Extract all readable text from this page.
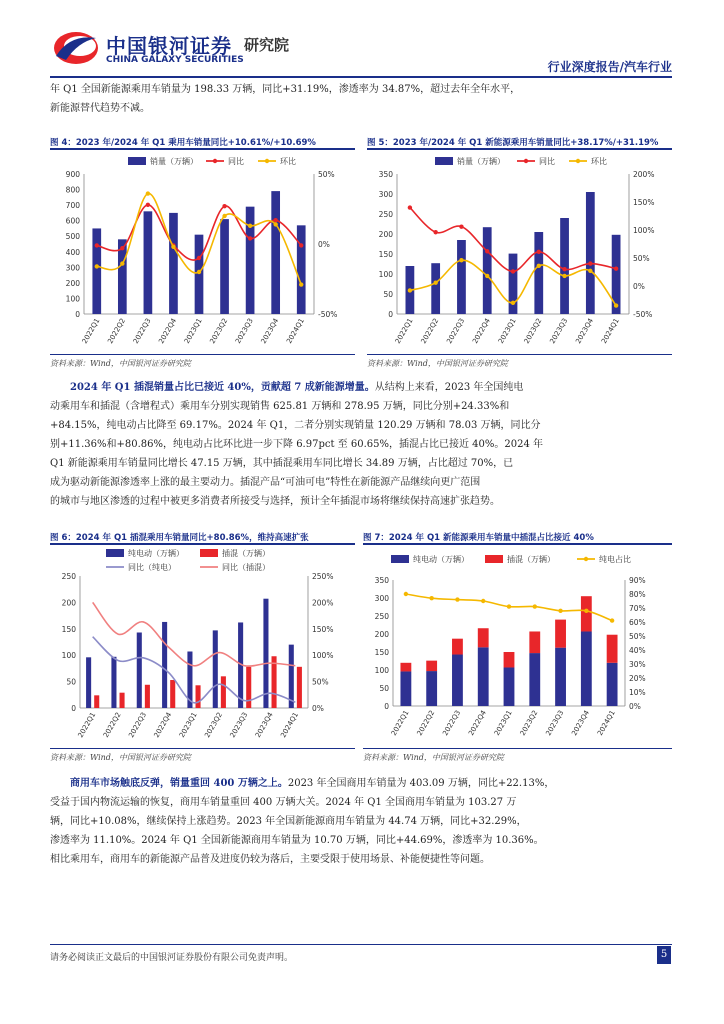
中国银河证券 研究院
CHINA GALAXY SECURITIES	行业深度报告/汽车行业

年 Q1 全国新能源乘用车销量为 198.33 万辆，同比+31.19%，渗透率为 34.87%，超过去年全年水平，

新能源替代趋势不减。

图 4：2023 年/2024 年 Q1 乘用车销量同比+10.61%/+10.69%
0
100
200
300
400
500
600
700
800
900
-50%
0%
50%
2022Q1 2022Q2 2022Q3 2022Q4 2023Q1 2023Q2 2023Q3 2023Q4 2024Q1
销量（万辆）	同比	环比
资料来源：Wind，中国银河证券研究院
图 5：2023 年/2024 年 Q1 新能源乘用车销量同比+38.17%/+31.19%
0
50
100
150
200
250
300
350
-50%
0%
50%
100%
150%
200%
2022Q1 2022Q2 2022Q3 2022Q4 2023Q1 2023Q2 2023Q3 2023Q4 2024Q1
销量（万辆）	同比	环比
资料来源：Wind，中国银河证券研究院

2024 年 Q1 插混销量占比已接近 40%，贡献超 7 成新能源增量。从结构上来看，2023 年全国纯电

动乘用车和插混（含增程式）乘用车分别实现销售 625.81 万辆和 278.95 万辆，同比分别+24.33%和

+84.15%，纯电动占比降至 69.17%。2024 年 Q1，二者分别实现销量 120.29 万辆和 78.03 万辆，同比分

别+11.36%和+80.86%，纯电动占比环比进一步下降 6.97pct 至 60.65%，插混占比已接近 40%。2024 年

Q1 新能源乘用车销量同比增长 47.15 万辆，其中插混乘用车同比增长 34.89 万辆，占比超过 70%，已

成为驱动新能源渗透率上涨的最主要动力。插混产品“可油可电”特性在新能源产品继续向更广范围

的城市与地区渗透的过程中被更多消费者所接受与选择，预计全年插混市场将继续保持高速扩张趋势。

图 6：2024 年 Q1 插混乘用车销量同比+80.86%，维持高速扩张
0
50
100
150
200
250
0%
50%
100%
150%
200%
250%
2022Q1 2022Q2 2022Q3 2022Q4 2023Q1 2023Q2 2023Q3 2023Q4 2024Q1
纯电动（万辆）	插混（万辆）
同比（纯电）	同比（插混）
资料来源：Wind，中国银河证券研究院
图 7：2024 年 Q1 新能源乘用车销量中插混占比接近 40%
0
50
100
150
200
250
300
350
0%
10%
20%
30%
40%
50%
60%
70%
80%
90%
2022Q1 2022Q2 2022Q3 2022Q4 2023Q1 2023Q2 2023Q3 2023Q4 2024Q1
纯电动（万辆）	插混（万辆）	纯电占比
资料来源：Wind，中国银河证券研究院

商用车市场触底反弹，销量重回 400 万辆之上。2023 年全国商用车销量为 403.09 万辆，同比+22.13%，

受益于国内物流运输的恢复，商用车销量重回 400 万辆大关。2024 年 Q1 全国商用车销量为 103.27 万

辆，同比+10.08%，继续保持上涨趋势。2023 年全国新能源商用车销量为 44.74 万辆，同比+32.29%，

渗透率为 11.10%。2024 年 Q1 全国新能源商用车销量为 10.70 万辆，同比+44.69%，渗透率为 10.36%。

相比乘用车，商用车的新能源产品普及进度仍较为落后，主要受限于使用场景、补能便捷性等问题。

请务必阅读正文最后的中国银河证券股份有限公司免责声明。	5
